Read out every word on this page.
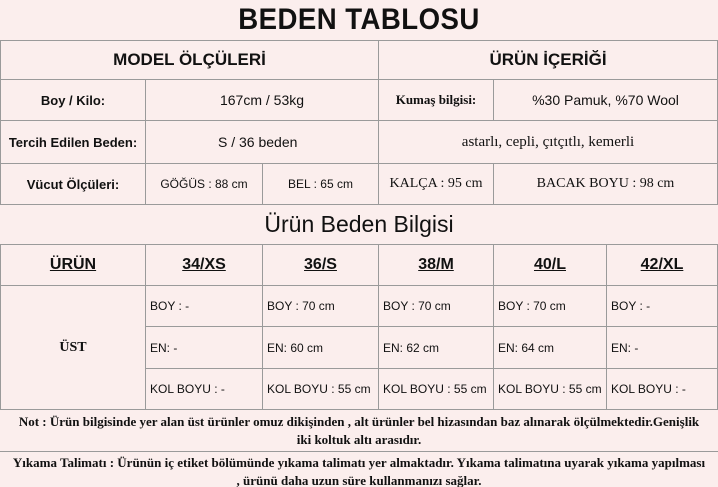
BEDEN TABLOSU
MODEL ÖLÇÜLERİ	ÜRÜN İÇERİĞİ
Boy / Kilo:	167cm / 53kg	Kumaş bilgisi:	%30 Pamuk, %70 Wool
Tercih Edilen Beden:	S / 36 beden	astarlı, cepli, çıtçıtlı, kemerli
Vücut Ölçüleri:	GÖĞÜS : 88 cm	BEL : 65 cm	KALÇA : 95 cm	BACAK BOYU : 98 cm
Ürün Beden Bilgisi
ÜRÜN	34/XS	36/S	38/M	40/L	42/XL
ÜST
BOY : -	BOY : 70 cm	BOY : 70 cm	BOY : 70 cm	BOY : -
EN: -	EN: 60 cm	EN: 62 cm	EN: 64 cm	EN: -
KOL BOYU : -	KOL BOYU : 55 cm	KOL BOYU : 55 cm KOL BOYU : 55 cm KOL BOYU : -
Not : Ürün bilgisinde yer alan üst ürünler omuz dikişinden , alt ürünler bel hizasından baz alınarak ölçülmektedir.Genişlik iki koltuk altı arasıdır.
Yıkama Talimatı : Ürünün iç etiket bölümünde yıkama talimatı yer almaktadır. Yıkama talimatına uyarak yıkama yapılması , ürünü daha uzun süre kullanmanızı sağlar.
